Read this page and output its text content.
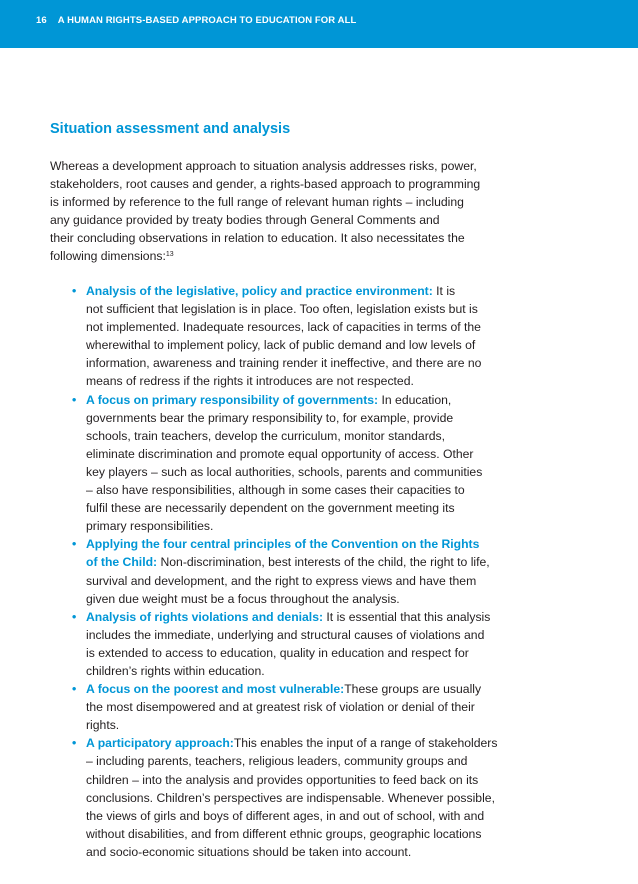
16 A HUMAN RIGHTS-BASED APPROACH TO EDUCATION FOR ALL
Situation assessment and analysis

Whereas a development approach to situation analysis addresses risks, power,
stakeholders, root causes and gender, a rights-based approach to programming
is informed by reference to the full range of relevant human rights – including
any guidance provided by treaty bodies through General Comments and
their concluding observations in relation to education. It also necessitates the
following dimensions:$^{13}$

• Analysis of the legislative, policy and practice environment: It is
not sufficient that legislation is in place. Too often, legislation exists but is
not implemented. Inadequate resources, lack of capacities in terms of the
wherewithal to implement policy, lack of public demand and low levels of
information, awareness and training render it ineffective, and there are no
means of redress if the rights it introduces are not respected.
• A focus on primary responsibility of governments: In education,
governments bear the primary responsibility to, for example, provide
schools, train teachers, develop the curriculum, monitor standards,
eliminate discrimination and promote equal opportunity of access. Other
key players – such as local authorities, schools, parents and communities
– also have responsibilities, although in some cases their capacities to
fulfil these are necessarily dependent on the government meeting its
primary responsibilities.
• Applying the four central principles of the Convention on the Rights
of the Child: Non-discrimination, best interests of the child, the right to life,
survival and development, and the right to express views and have them
given due weight must be a focus throughout the analysis.
• Analysis of rights violations and denials: It is essential that this analysis
includes the immediate, underlying and structural causes of violations and
is extended to access to education, quality in education and respect for
children’s rights within education.
• A focus on the poorest and most vulnerable:These groups are usually
the most disempowered and at greatest risk of violation or denial of their
rights.
• A participatory approach:This enables the input of a range of stakeholders
– including parents, teachers, religious leaders, community groups and
children – into the analysis and provides opportunities to feed back on its
conclusions. Children’s perspectives are indispensable. Whenever possible,
the views of girls and boys of different ages, in and out of school, with and
without disabilities, and from different ethnic groups, geographic locations
and socio-economic situations should be taken into account.
